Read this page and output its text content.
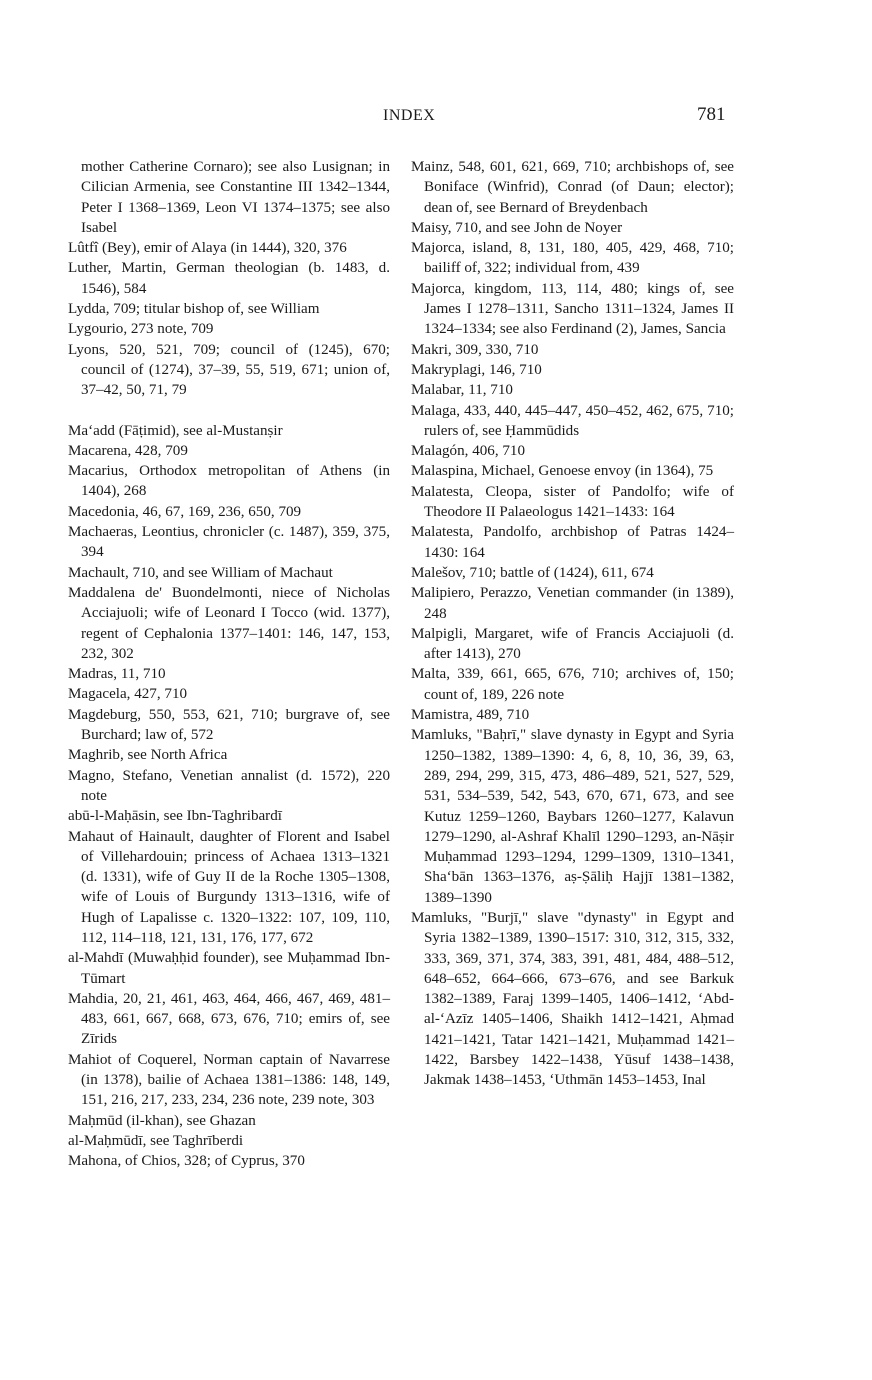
INDEX	781

mother Catherine Cornaro); see also Lusignan; in Cilician Armenia, see Constantine III 1342–1344, Peter I 1368–1369, Leon VI 1374–1375; see also Isabel

Lûtfî (Bey), emir of Alaya (in 1444), 320, 376

Luther, Martin, German theologian (b. 1483, d. 1546), 584

Lydda, 709; titular bishop of, see William

Lygourio, 273 note, 709

Lyons, 520, 521, 709; council of (1245), 670; council of (1274), 37–39, 55, 519, 671; union of, 37–42, 50, 71, 79

Ma‘add (Fāṭimid), see al-Mustanṣir

Macarena, 428, 709

Macarius, Orthodox metropolitan of Athens (in 1404), 268

Macedonia, 46, 67, 169, 236, 650, 709

Machaeras, Leontius, chronicler (c. 1487), 359, 375, 394

Machault, 710, and see William of Machaut

Maddalena de' Buondelmonti, niece of Nicholas Acciajuoli; wife of Leonard I Tocco (wid. 1377), regent of Cephalonia 1377–1401: 146, 147, 153, 232, 302

Madras, 11, 710

Magacela, 427, 710

Magdeburg, 550, 553, 621, 710; burgrave of, see Burchard; law of, 572

Maghrib, see North Africa

Magno, Stefano, Venetian annalist (d. 1572), 220 note

abū-l-Maḥāsin, see Ibn-Taghribardī

Mahaut of Hainault, daughter of Florent and Isabel of Villehardouin; princess of Achaea 1313–1321 (d. 1331), wife of Guy II de la Roche 1305–1308, wife of Louis of Burgundy 1313–1316, wife of Hugh of Lapalisse c. 1320–1322: 107, 109, 110, 112, 114–118, 121, 131, 176, 177, 672

al-Mahdī (Muwaḥḥid founder), see Muḥammad Ibn-Tūmart

Mahdia, 20, 21, 461, 463, 464, 466, 467, 469, 481–483, 661, 667, 668, 673, 676, 710; emirs of, see Zīrids

Mahiot of Coquerel, Norman captain of Navarrese (in 1378), bailie of Achaea 1381–1386: 148, 149, 151, 216, 217, 233, 234, 236 note, 239 note, 303

Maḥmūd (il-khan), see Ghazan

al-Maḥmūdī, see Taghrīberdi

Mahona, of Chios, 328; of Cyprus, 370

Mainz, 548, 601, 621, 669, 710; archbishops of, see Boniface (Winfrid), Conrad (of Daun; elector); dean of, see Bernard of Breydenbach

Maisy, 710, and see John de Noyer

Majorca, island, 8, 131, 180, 405, 429, 468, 710; bailiff of, 322; individual from, 439

Majorca, kingdom, 113, 114, 480; kings of, see James I 1278–1311, Sancho 1311–1324, James II 1324–1334; see also Ferdinand (2), James, Sancia

Makri, 309, 330, 710

Makryplagi, 146, 710

Malabar, 11, 710

Malaga, 433, 440, 445–447, 450–452, 462, 675, 710; rulers of, see Ḥammūdids

Malagón, 406, 710

Malaspina, Michael, Genoese envoy (in 1364), 75

Malatesta, Cleopa, sister of Pandolfo; wife of Theodore II Palaeologus 1421–1433: 164

Malatesta, Pandolfo, archbishop of Patras 1424–1430: 164

Malešov, 710; battle of (1424), 611, 674

Malipiero, Perazzo, Venetian commander (in 1389), 248

Malpigli, Margaret, wife of Francis Acciajuoli (d. after 1413), 270

Malta, 339, 661, 665, 676, 710; archives of, 150; count of, 189, 226 note

Mamistra, 489, 710

Mamluks, "Baḥrī," slave dynasty in Egypt and Syria 1250–1382, 1389–1390: 4, 6, 8, 10, 36, 39, 63, 289, 294, 299, 315, 473, 486–489, 521, 527, 529, 531, 534–539, 542, 543, 670, 671, 673, and see Kutuz 1259–1260, Baybars 1260–1277, Kalavun 1279–1290, al-Ashraf Khalīl 1290–1293, an-Nāṣir Muḥammad 1293–1294, 1299–1309, 1310–1341, Sha‘bān 1363–1376, aṣ-Ṣāliḥ Hajjī 1381–1382, 1389–1390

Mamluks, "Burjī," slave "dynasty" in Egypt and Syria 1382–1389, 1390–1517: 310, 312, 315, 332, 333, 369, 371, 374, 383, 391, 481, 484, 488–512, 648–652, 664–666, 673–676, and see Barkuk 1382–1389, Faraj 1399–1405, 1406–1412, ‘Abd-al-‘Azīz 1405–1406, Shaikh 1412–1421, Aḥmad 1421–1421, Tatar 1421–1421, Muḥammad 1421–1422, Barsbey 1422–1438, Yūsuf 1438–1438, Jakmak 1438–1453, ‘Uthmān 1453–1453, Inal
